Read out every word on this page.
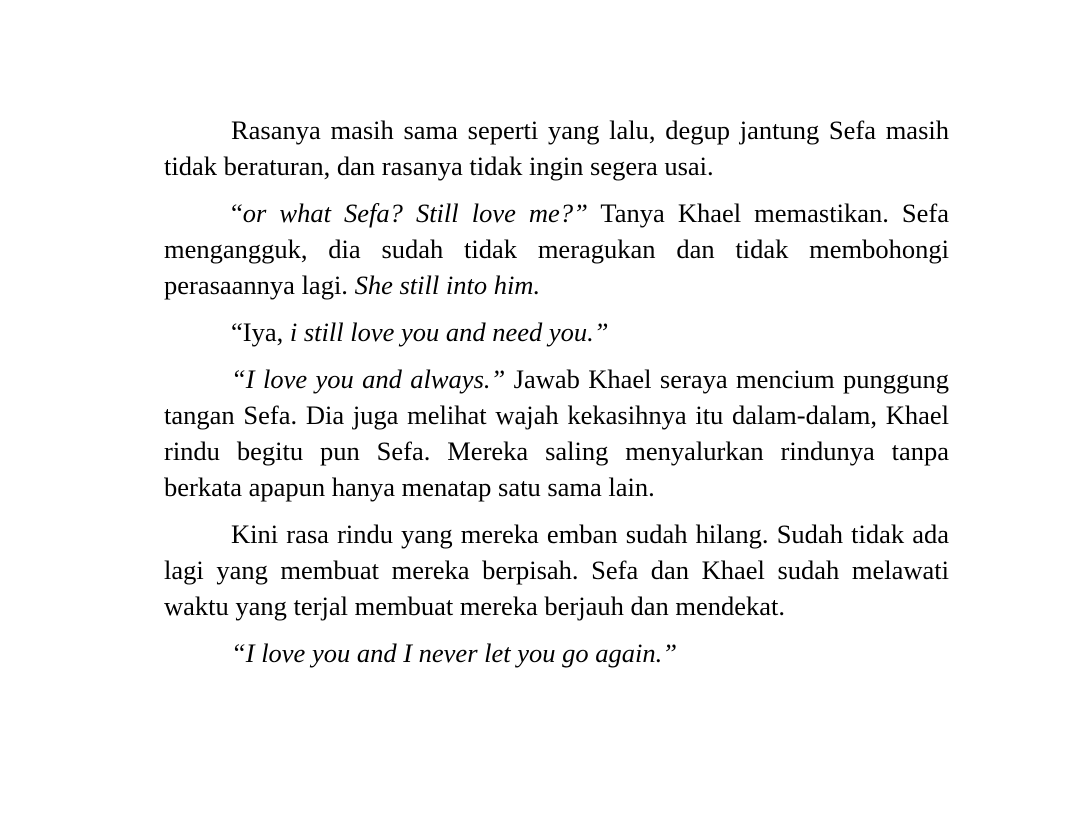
Rasanya masih sama seperti yang lalu, degup jantung Sefa masih tidak beraturan, dan rasanya tidak ingin segera usai.

“or what Sefa? Still love me?” Tanya Khael memastikan. Sefa mengangguk, dia sudah tidak meragukan dan tidak membohongi perasaannya lagi. She still into him.

“Iya, i still love you and need you.”

“I love you and always.” Jawab Khael seraya mencium punggung tangan Sefa. Dia juga melihat wajah kekasihnya itu dalam-dalam, Khael rindu begitu pun Sefa. Mereka saling menyalurkan rindunya tanpa berkata apapun hanya menatap satu sama lain.

Kini rasa rindu yang mereka emban sudah hilang. Sudah tidak ada lagi yang membuat mereka berpisah. Sefa dan Khael sudah melawati waktu yang terjal membuat mereka berjauh dan mendekat.

“I love you and I never let you go again.”
